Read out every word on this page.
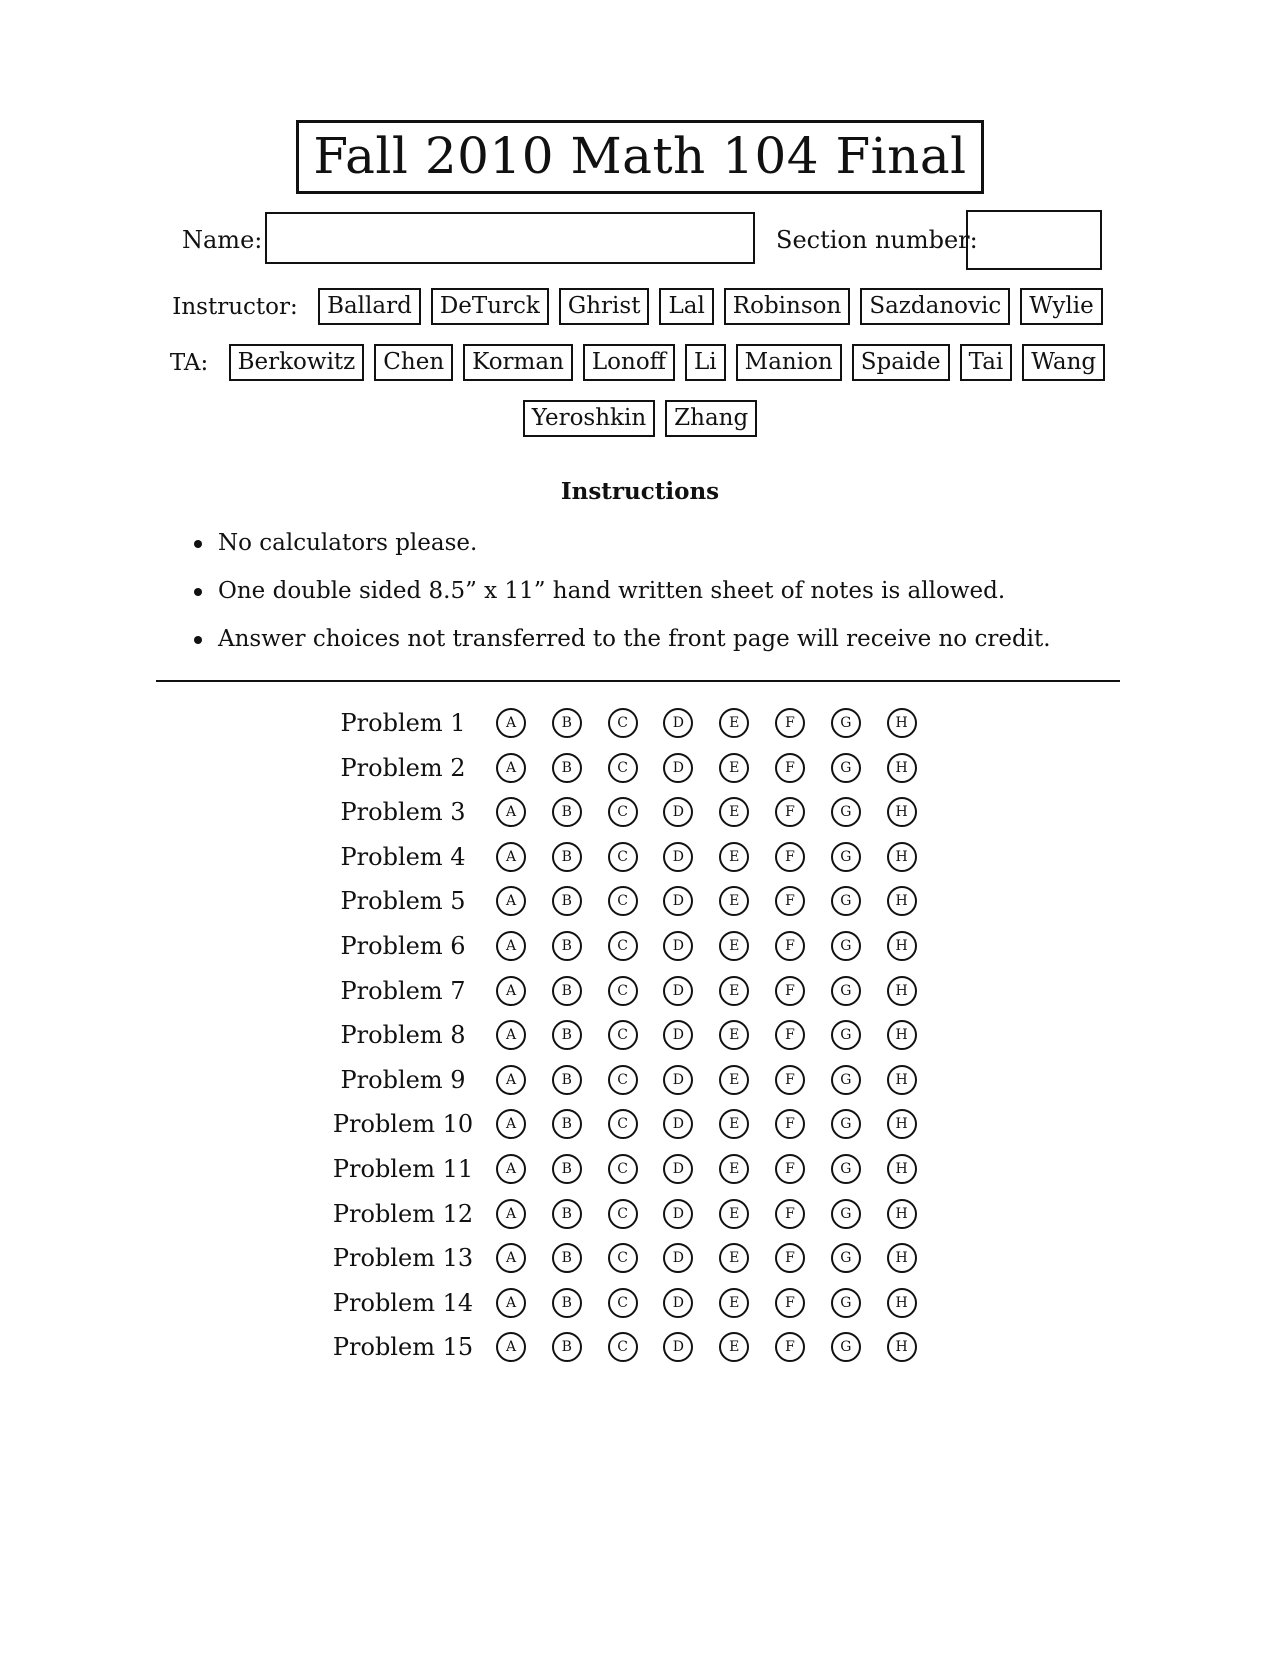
Fall 2010 Math 104 Final
Name:	Section number:
Instructor: Ballard DeTurck Ghrist Lal Robinson Sazdanovic Wylie
TA: Berkowitz Chen Korman Lonoff Li Manion Spaide Tai Wang
Yeroshkin Zhang
Instructions
No calculators please.
One double sided 8.5” x 11” hand written sheet of notes is allowed.
Answer choices not transferred to the front page will receive no credit.
Problem 1	A	B	C	D	E	F	G	H
Problem 2	A	B	C	D	E	F	G	H
Problem 3	A	B	C	D	E	F	G	H
Problem 4	A	B	C	D	E	F	G	H
Problem 5	A	B	C	D	E	F	G	H
Problem 6	A	B	C	D	E	F	G	H
Problem 7	A	B	C	D	E	F	G	H
Problem 8	A	B	C	D	E	F	G	H
Problem 9	A	B	C	D	E	F	G	H
Problem 10	A	B	C	D	E	F	G	H
Problem 11	A	B	C	D	E	F	G	H
Problem 12	A	B	C	D	E	F	G	H
Problem 13	A	B	C	D	E	F	G	H
Problem 14	A	B	C	D	E	F	G	H
Problem 15	A	B	C	D	E	F	G	H
